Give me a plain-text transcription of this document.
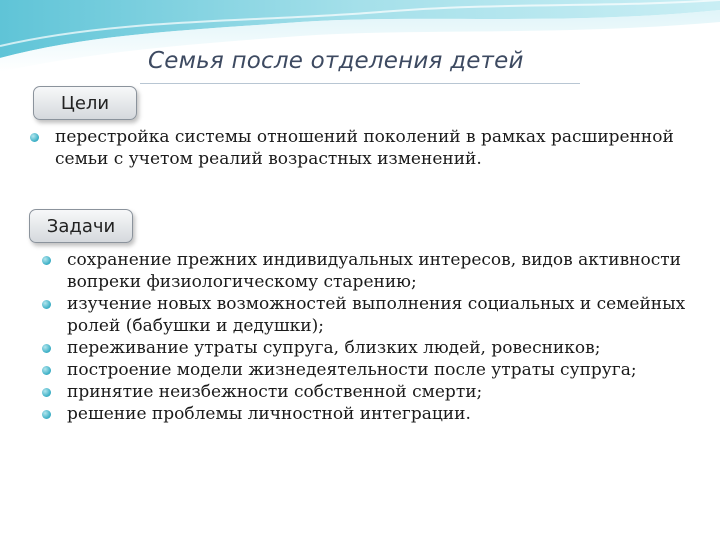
Семья после отделения детей
Цели
перестройка системы отношений поколений в рамках расширенной семьи с учетом реалий возрастных изменений.
Задачи
сохранение прежних индивидуальных интересов, видов активности вопреки физиологическому старению;
изучение новых возможностей выполнения социальных и семейных ролей (бабушки и дедушки);
переживание утраты супруга, близких людей, ровесников;
построение модели жизнедеятельности после утраты супруга;
принятие неизбежности собственной смерти;
решение проблемы личностной интеграции.
